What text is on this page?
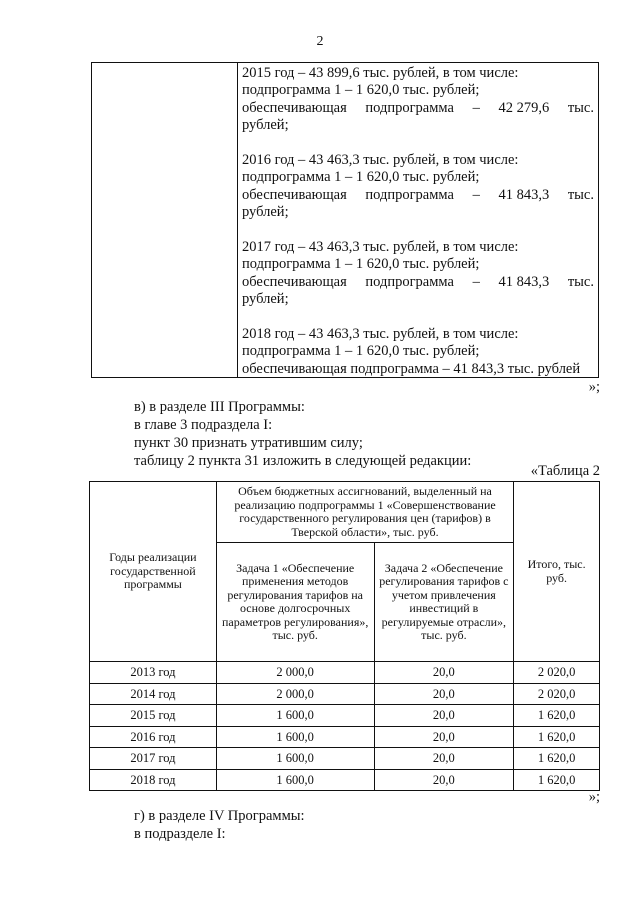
2
2015 год – 43 899,6 тыс. рублей, в том числе:
подпрограмма 1 – 1 620,0 тыс. рублей;
обеспечивающая подпрограмма – 42 279,6 тыс.
рублей;
2016 год – 43 463,3 тыс. рублей, в том числе:
подпрограмма 1 – 1 620,0 тыс. рублей;
обеспечивающая подпрограмма – 41 843,3 тыс.
рублей;
2017 год – 43 463,3 тыс. рублей, в том числе:
подпрограмма 1 – 1 620,0 тыс. рублей;
обеспечивающая подпрограмма – 41 843,3 тыс.
рублей;
2018 год – 43 463,3 тыс. рублей, в том числе:
подпрограмма 1 – 1 620,0 тыс. рублей;
обеспечивающая подпрограмма – 41 843,3 тыс. рублей
»;
в) в разделе III Программы:
в главе 3 подраздела I:
пункт 30 признать утратившим силу;
таблицу 2 пункта 31 изложить в следующей редакции:
«Таблица 2
Годы реализации государственной программы	Объем бюджетных ассигнований, выделенный на реализацию подпрограммы 1 «Совершенствование государственного регулирования цен (тарифов) в Тверской области», тыс. руб.		Итого, тыс. руб.
	Задача 1 «Обеспечение применения методов регулирования тарифов на основе долгосрочных параметров регулирования», тыс. руб.	Задача 2 «Обеспечение регулирования тарифов с учетом привлечения инвестиций в регулируемые отрасли», тыс. руб.	
2013 год	2 000,0	20,0	2 020,0
2014 год	2 000,0	20,0	2 020,0
2015 год	1 600,0	20,0	1 620,0
2016 год	1 600,0	20,0	1 620,0
2017 год	1 600,0	20,0	1 620,0
2018 год	1 600,0	20,0	1 620,0
»;
г) в разделе IV Программы:
в подразделе I:
